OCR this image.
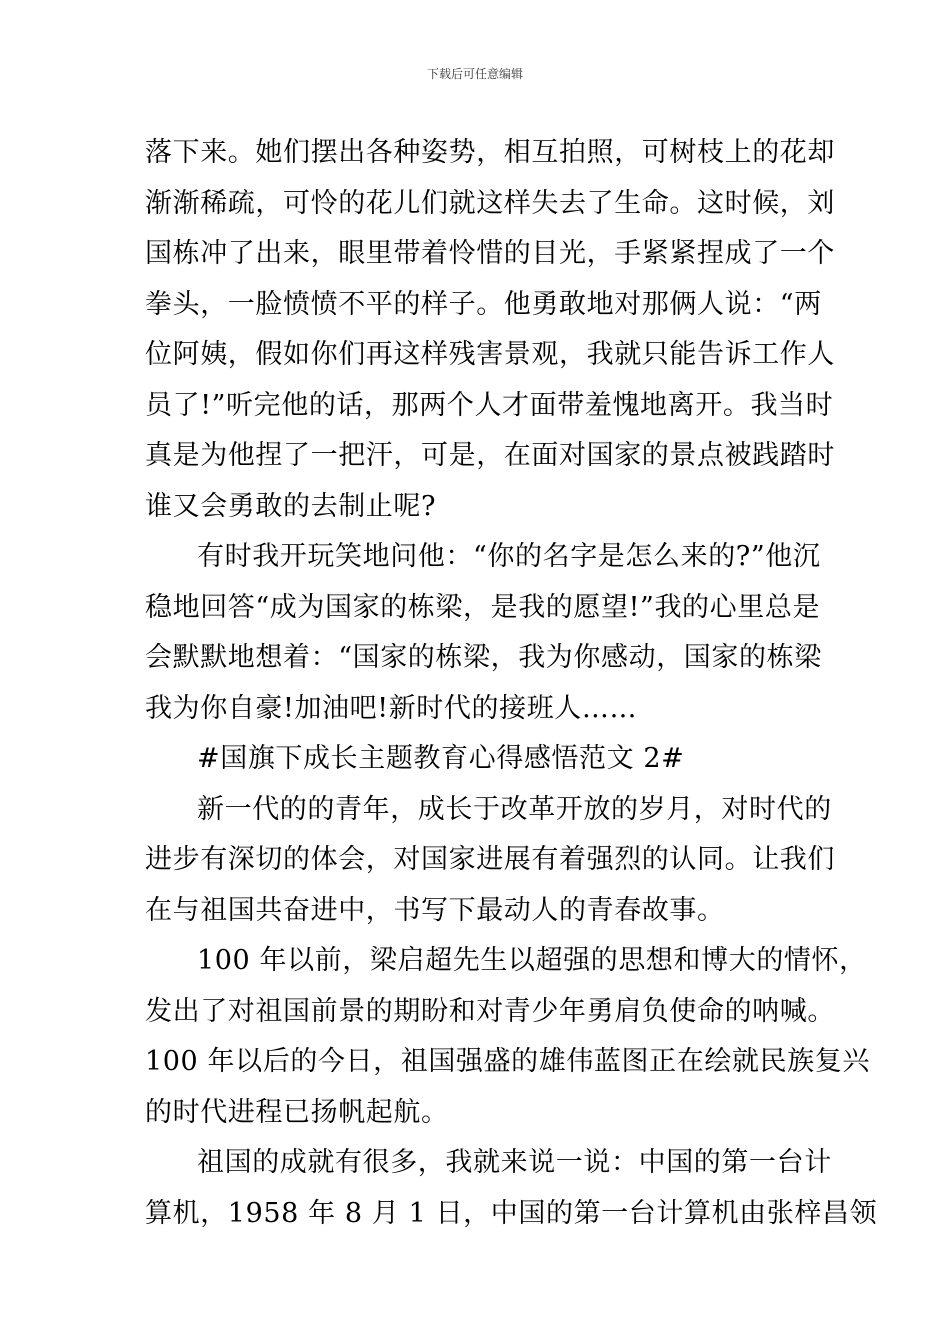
下载后可任意编辑

落下来。她们摆出各种姿势，相互拍照，可树枝上的花却
渐渐稀疏，可怜的花儿们就这样失去了生命。这时候，刘
国栋冲了出来，眼里带着怜惜的目光，手紧紧捏成了一个
拳头，一脸愤愤不平的样子。他勇敢地对那俩人说：“两
位阿姨，假如你们再这样残害景观，我就只能告诉工作人
员了!”听完他的话，那两个人才面带羞愧地离开。我当时
真是为他捏了一把汗，可是，在面对国家的景点被践踏时
谁又会勇敢的去制止呢?

有时我开玩笑地问他：“你的名字是怎么来的?”他沉
稳地回答“成为国家的栋梁，是我的愿望!”我的心里总是
会默默地想着：“国家的栋梁，我为你感动，国家的栋梁
我为你自豪!加油吧!新时代的接班人……

#国旗下成长主题教育心得感悟范文 2#

新一代的的青年，成长于改革开放的岁月，对时代的
进步有深切的体会，对国家进展有着强烈的认同。让我们
在与祖国共奋进中，书写下最动人的青春故事。

100 年以前，梁启超先生以超强的思想和博大的情怀，
发出了对祖国前景的期盼和对青少年勇肩负使命的呐喊。
100 年以后的今日，祖国强盛的雄伟蓝图正在绘就民族复兴
的时代进程已扬帆起航。

祖国的成就有很多，我就来说一说：中国的第一台计
算机，1958 年 8 月 1 日，中国的第一台计算机由张梓昌领
